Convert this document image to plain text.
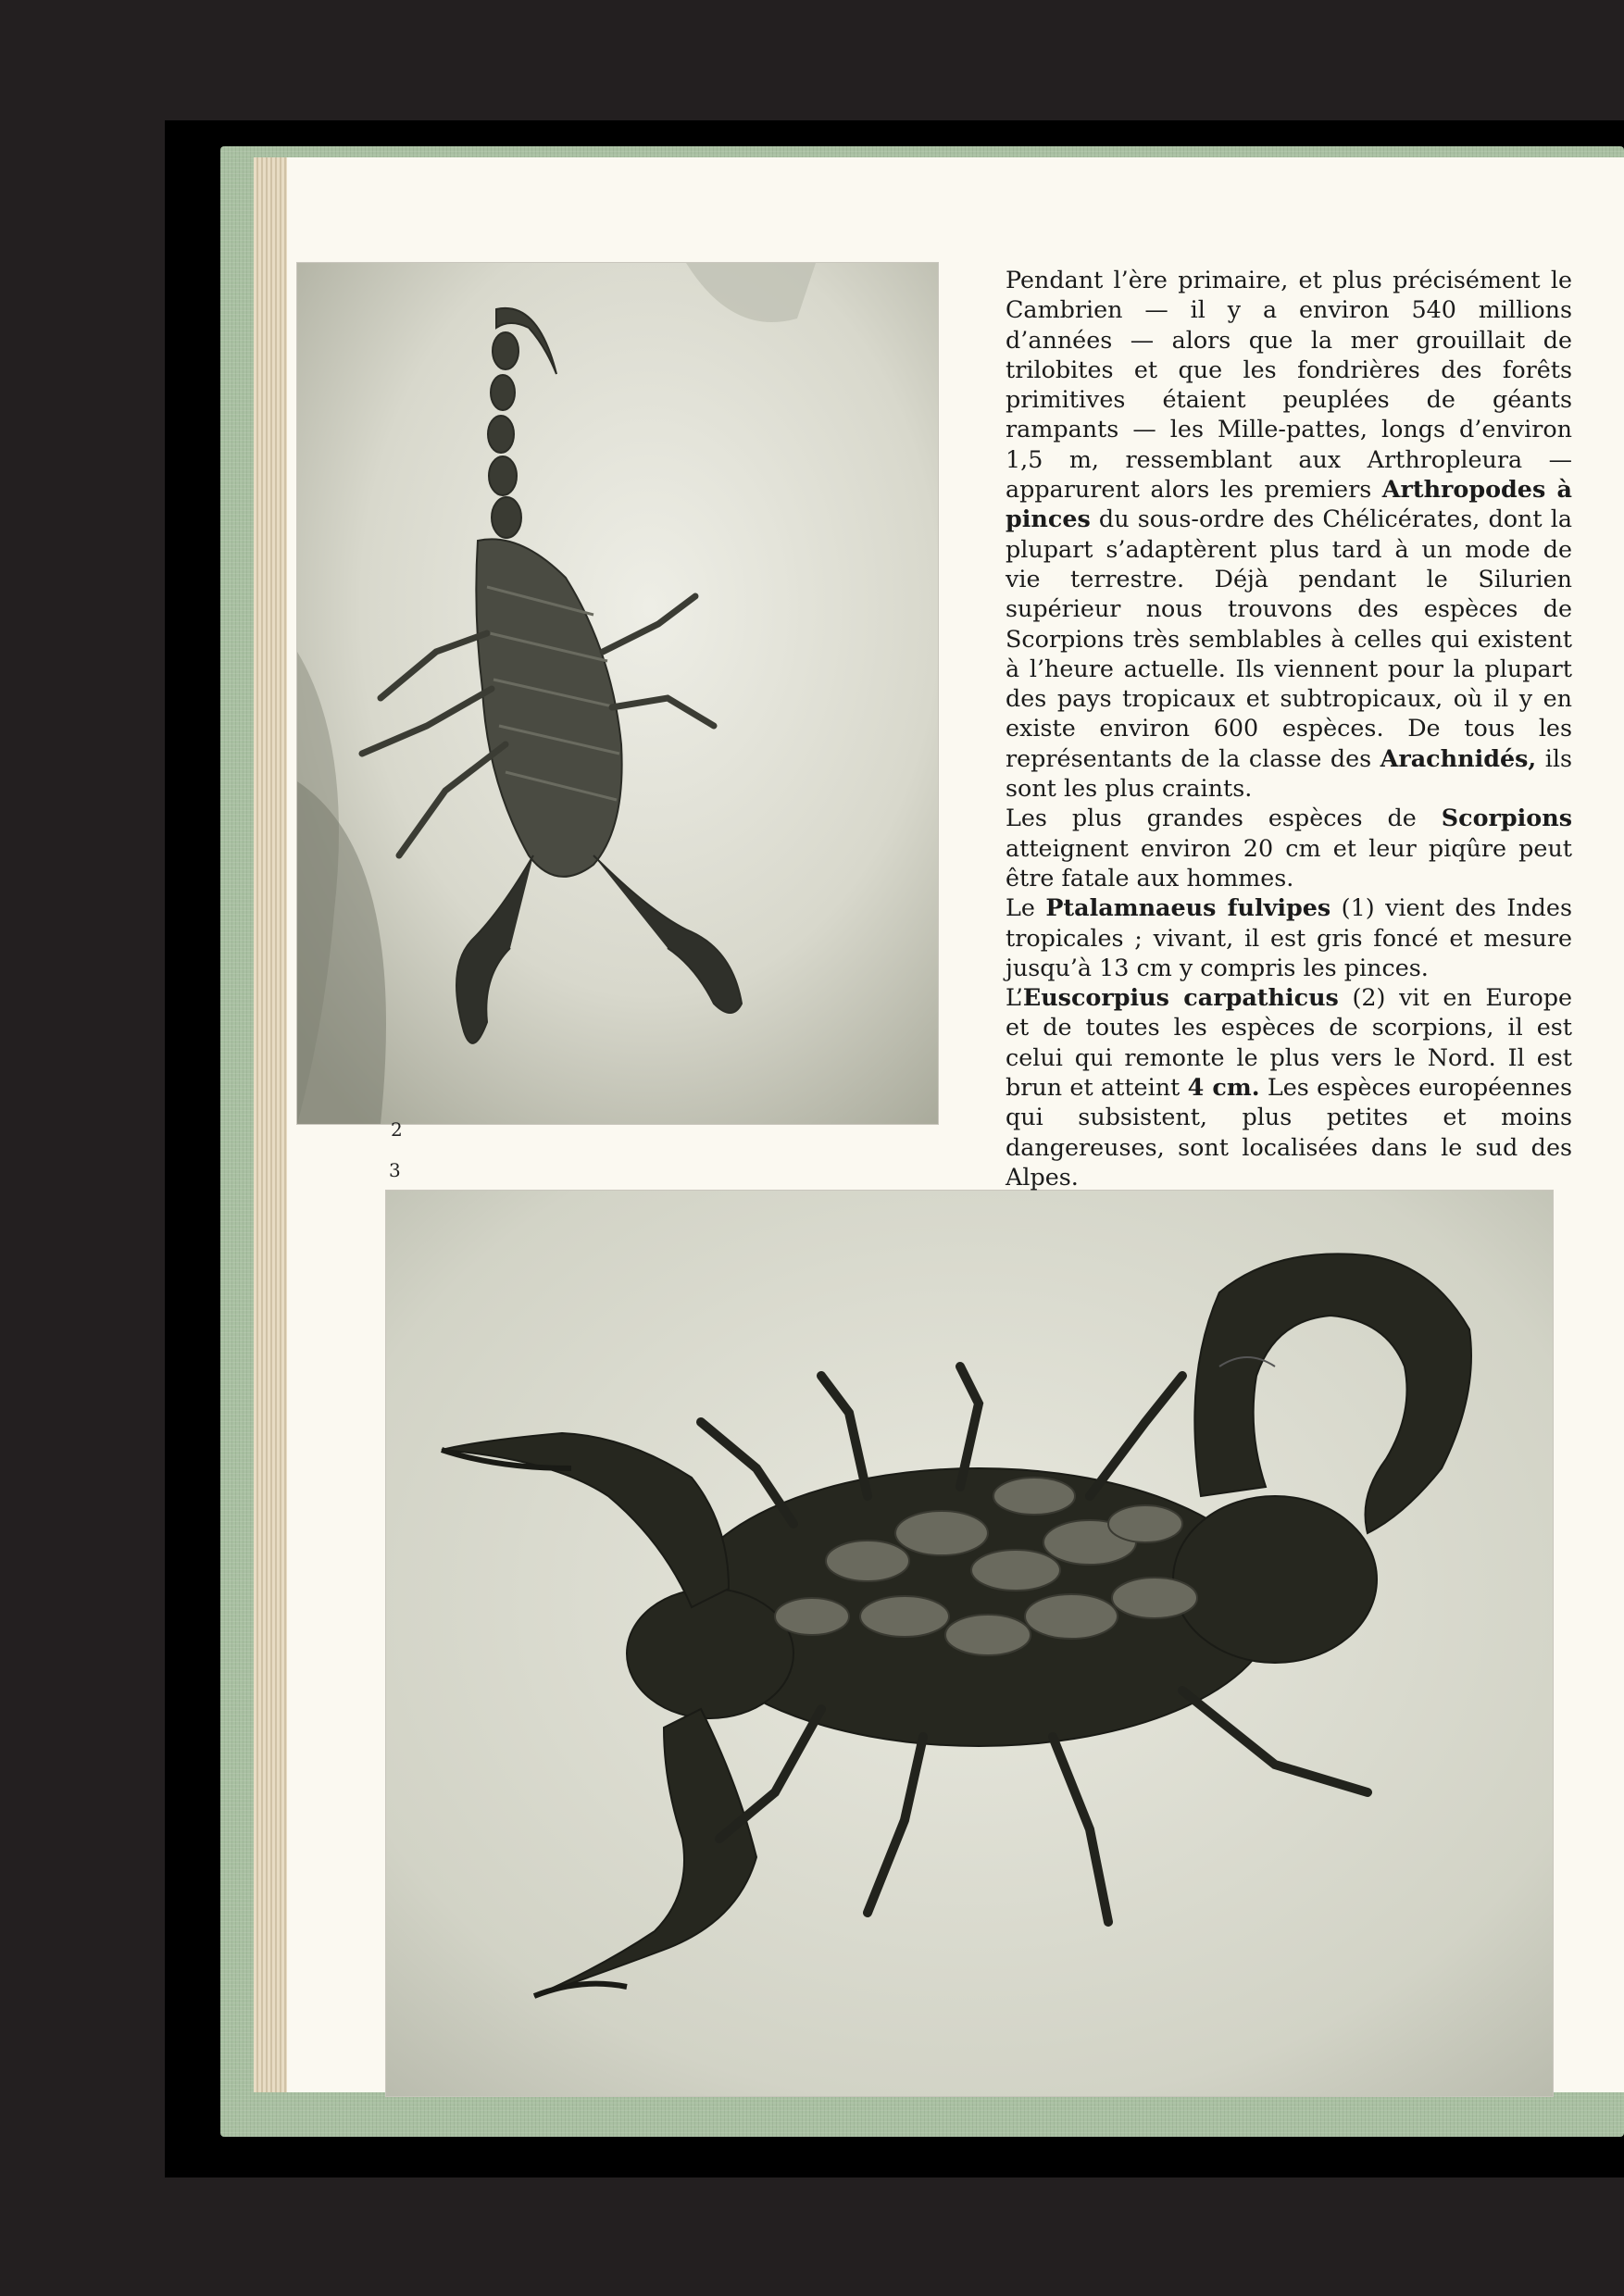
2
3

Pendant l’ère primaire, et plus précisément le Cambrien — il y a environ 540 millions d’années — alors que la mer grouillait de trilobites et que les fondrières des forêts primitives étaient peuplées de géants rampants — les Mille-pattes, longs d’environ 1,5 m, ressemblant aux Arthropleura — apparurent alors les premiers Arthropodes à pinces du sous-ordre des Chélicérates, dont la plupart s’adaptèrent plus tard à un mode de vie terrestre. Déjà pendant le Silurien supérieur nous trouvons des espèces de Scorpions très semblables à celles qui existent à l’heure actuelle. Ils viennent pour la plupart des pays tropicaux et subtropicaux, où il y en existe environ 600 espèces. De tous les représentants de la classe des Arachnidés, ils sont les plus craints.

Les plus grandes espèces de Scorpions atteignent environ 20 cm et leur piqûre peut être fatale aux hommes.

Le Ptalamnaeus fulvipes (1) vient des Indes tropicales ; vivant, il est gris foncé et mesure jusqu’à 13 cm y compris les pinces.

L’Euscorpius carpathicus (2) vit en Europe et de toutes les espèces de scorpions, il est celui qui remonte le plus vers le Nord. Il est brun et atteint 4 cm. Les espèces européennes qui subsistent, plus petites et moins dangereuses, sont localisées dans le sud des Alpes.
